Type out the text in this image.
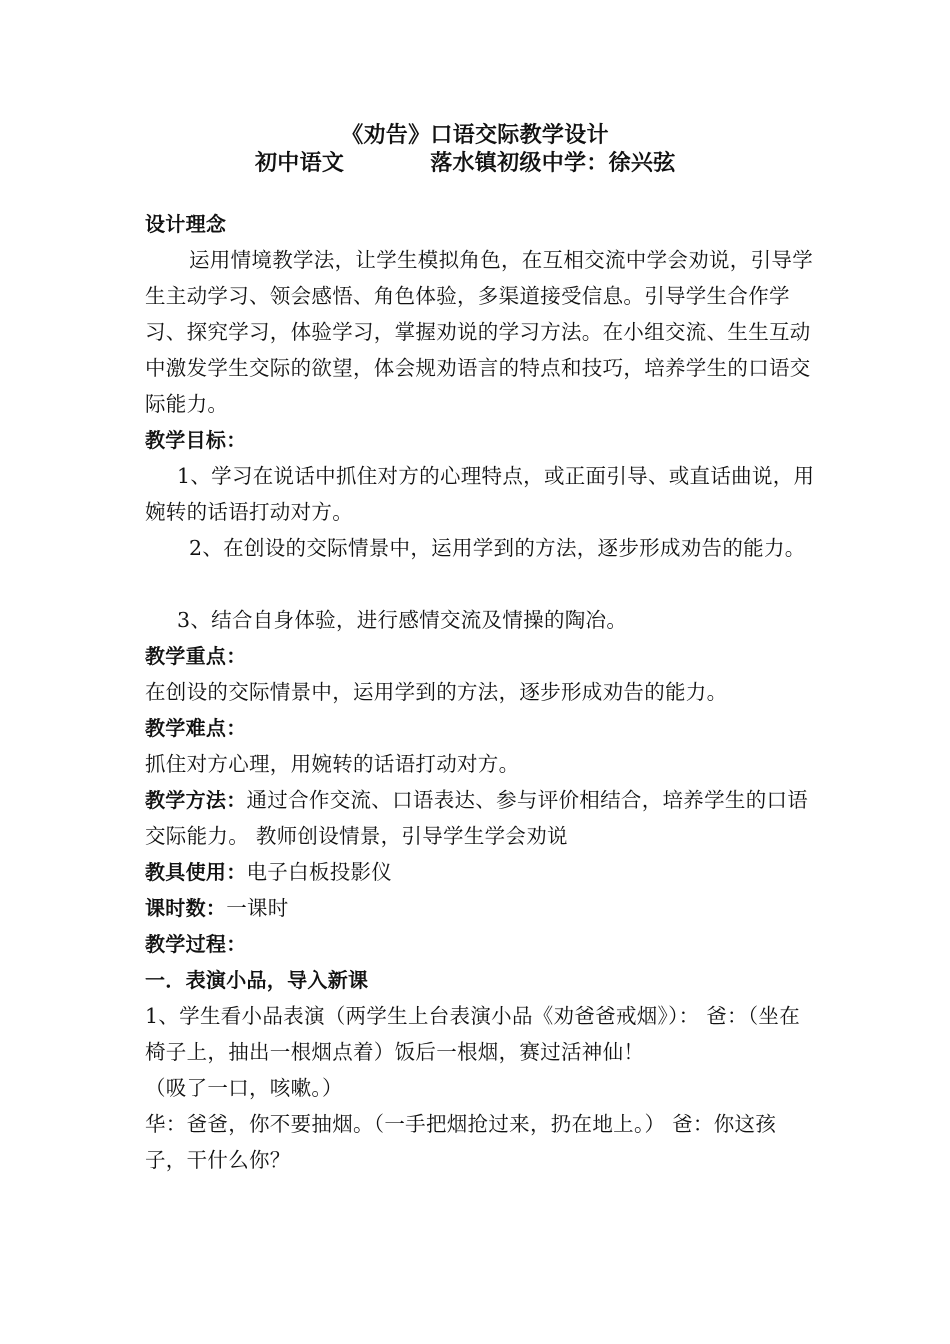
《劝告》口语交际教学设计
初中语文	落水镇初级中学：徐兴弦

设计理念

运用情境教学法，让学生模拟角色，在互相交流中学会劝说，引导学生主动学习、领会感悟、角色体验，多渠道接受信息。引导学生合作学习、探究学习，体验学习，掌握劝说的学习方法。在小组交流、生生互动中激发学生交际的欲望，体会规劝语言的特点和技巧，培养学生的口语交际能力。

教学目标：

1、学习在说话中抓住对方的心理特点，或正面引导、或直话曲说，用婉转的话语打动对方。

2、在创设的交际情景中，运用学到的方法，逐步形成劝告的能力。

3、结合自身体验，进行感情交流及情操的陶冶。

教学重点：

在创设的交际情景中，运用学到的方法，逐步形成劝告的能力。

教学难点：

抓住对方心理，用婉转的话语打动对方。

教学方法：通过合作交流、口语表达、参与评价相结合，培养学生的口语交际能力。 教师创设情景，引导学生学会劝说

教具使用：电子白板投影仪

课时数：一课时

教学过程：

一．表演小品，导入新课

1、学生看小品表演（两学生上台表演小品《劝爸爸戒烟》）： 爸：（坐在椅子上，抽出一根烟点着）饭后一根烟，赛过活神仙！

（吸了一口，咳嗽。）

华：爸爸，你不要抽烟。（一手把烟抢过来，扔在地上。） 爸：你这孩子，干什么你？
